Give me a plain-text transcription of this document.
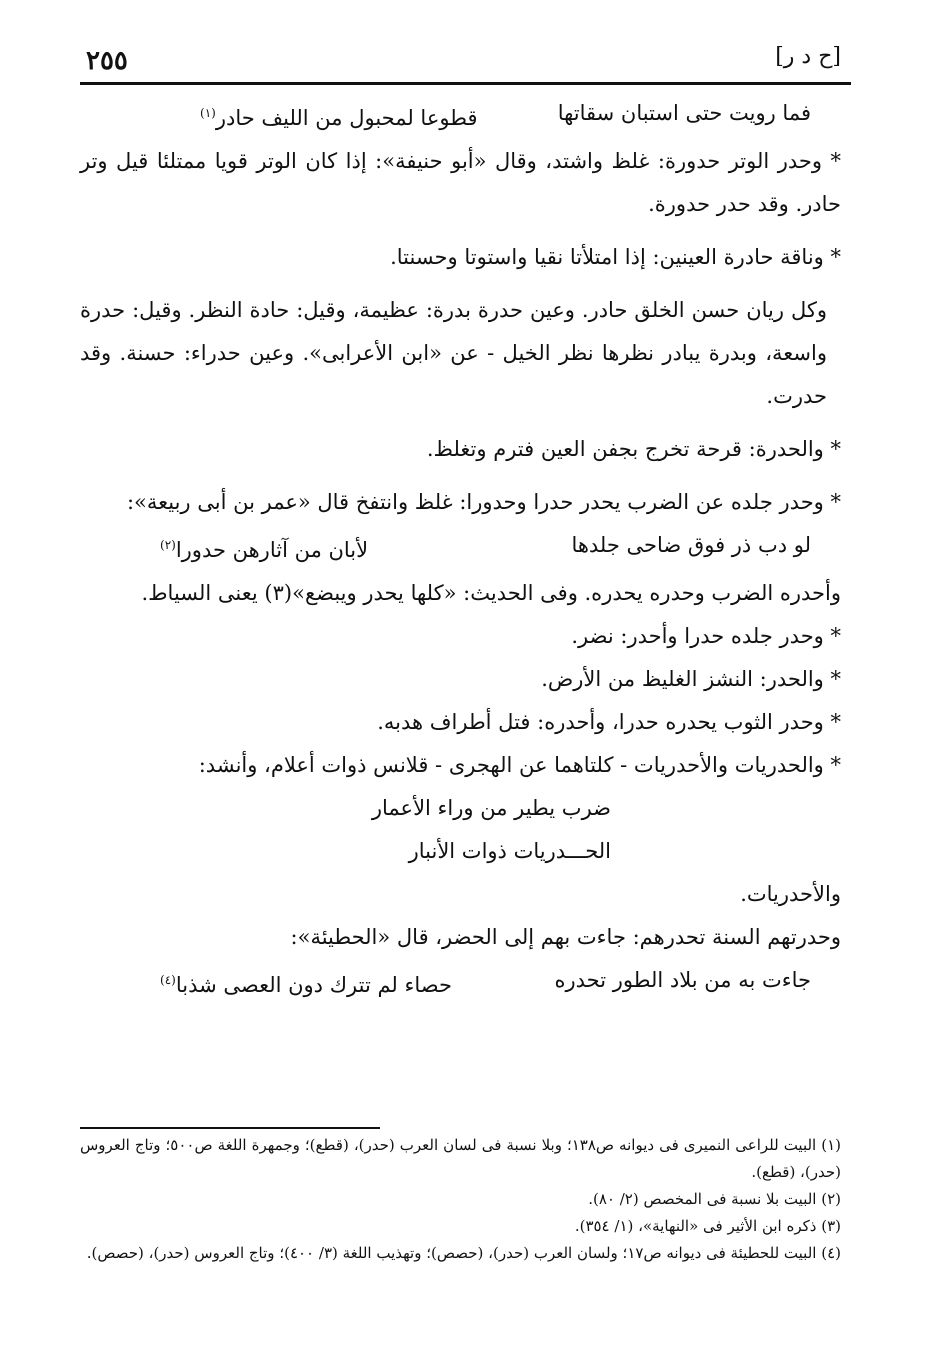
[ح د ر]
٢٥٥
فما رويت حتى استبان سقاتها
قطوعا لمحبول من الليف حادر$^{(١)}$

* وحدر الوتر حدورة: غلظ واشتد، وقال «أبو حنيفة»: إذا كان الوتر قويا ممتلئا قيل وتر حادر. وقد حدر حدورة.

* وناقة حادرة العينين: إذا امتلأتا نقيا واستوتا وحسنتا.

وكل ريان حسن الخلق حادر. وعين حدرة بدرة: عظيمة، وقيل: حادة النظر. وقيل: حدرة واسعة، وبدرة يبادر نظرها نظر الخيل - عن «ابن الأعرابى». وعين حدراء: حسنة. وقد حدرت.

* والحدرة: قرحة تخرج بجفن العين فترم وتغلظ.

* وحدر جلده عن الضرب يحدر حدرا وحدورا: غلظ وانتفخ قال «عمر بن أبى ربيعة»:

لو دب ذر فوق ضاحى جلدها
لأبان من آثارهن حدورا$^{(٢)}$

وأحدره الضرب وحدره يحدره. وفى الحديث: «كلها يحدر ويبضع»(٣) يعنى السياط.

* وحدر جلده حدرا وأحدر: نضر.

* والحدر: النشز الغليظ من الأرض.

* وحدر الثوب يحدره حدرا، وأحدره: فتل أطراف هدبه.

* والحدريات والأحدريات - كلتاهما عن الهجرى - قلانس ذوات أعلام، وأنشد:

ضرب يطير من وراء الأعمار
الحـــدريات ذوات الأنبار

والأحدريات.

وحدرتهم السنة تحدرهم: جاءت بهم إلى الحضر، قال «الحطيئة»:

جاءت به من بلاد الطور تحدره
حصاء لم تترك دون العصى شذبا$^{(٤)}$

(١) البيت للراعى النميرى فى ديوانه ص١٣٨؛ وبلا نسبة فى لسان العرب (حدر)، (قطع)؛ وجمهرة اللغة ص٥٠٠؛ وتاج العروس (حدر)، (قطع).

(٢) البيت بلا نسبة فى المخصص (٢/ ٨٠).

(٣) ذكره ابن الأثير فى «النهاية»، (١/ ٣٥٤).

(٤) البيت للحطيئة فى ديوانه ص١٧؛ ولسان العرب (حدر)، (حصص)؛ وتهذيب اللغة (٣/ ٤٠٠)؛ وتاج العروس (حدر)، (حصص).
